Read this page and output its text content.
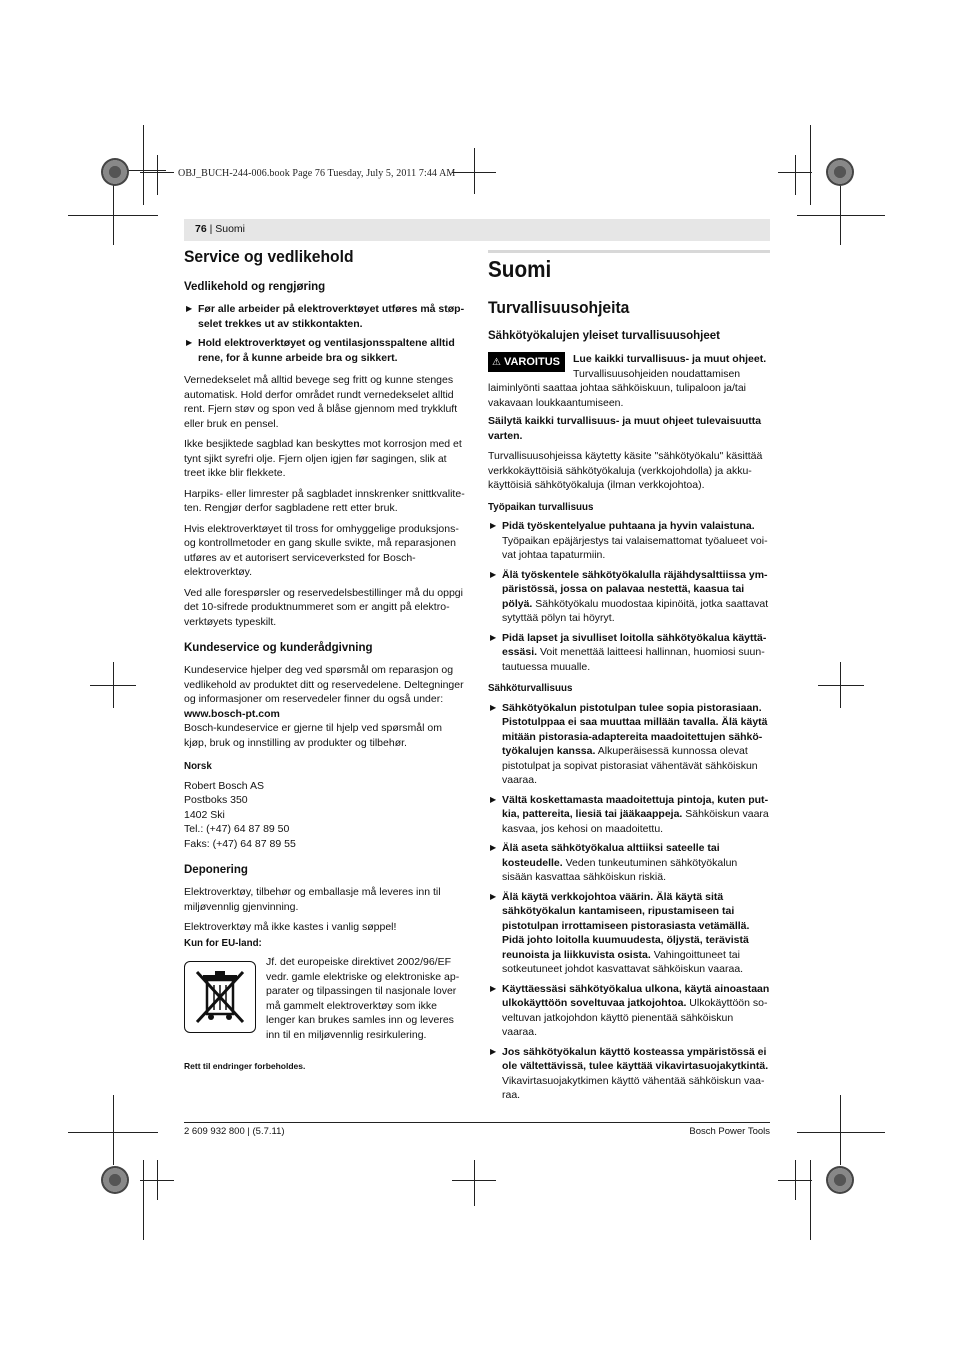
OBJ_BUCH-244-006.book Page 76 Tuesday, July 5, 2011 7:44 AM
76 | Suomi
Service og vedlikehold
Vedlikehold og rengjøring
▶ Før alle arbeider på elektroverktøyet utføres må støpselet trekkes ut av stikkontakten.
▶ Hold elektroverktøyet og ventilasjonsspaltene alltid rene, for å kunne arbeide bra og sikkert.

Vernedekselet må alltid bevege seg fritt og kunne stenges automatisk. Hold derfor området rundt vernedekselet alltid rent. Fjern støv og spon ved å blåse gjennom med trykkluft eller bruk en pensel.

Ikke besjiktede sagblad kan beskyttes mot korrosjon med et tynt sjikt syrefri olje. Fjern oljen igjen før sagingen, slik at treet ikke blir flekkete.

Harpiks- eller limrester på sagbladet innskrenker snittkvaliteten. Rengjør derfor sagbladene rett etter bruk.

Hvis elektroverktøyet til tross for omhyggelige produksjons- og kontrollmetoder en gang skulle svikte, må reparasjonen utføres av et autorisert serviceverksted for Bosch-elektroverktøy.

Ved alle forespørsler og reservedelsbestillinger må du oppgi det 10-sifrede produktnummeret som er angitt på elektroverktøyets typeskilt.

Kundeservice og kunderådgivning

Kundeservice hjelper deg ved spørsmål om reparasjon og vedlikehold av produktet ditt og reservedelene. Deltegninger og informasjoner om reservedeler finner du også under:

www.bosch-pt.com

Bosch-kundeservice er gjerne til hjelp ved spørsmål om kjøp, bruk og innstilling av produkter og tilbehør.

Norsk

Robert Bosch AS

Postboks 350

1402 Ski

Tel.: (+47) 64 87 89 50

Faks: (+47) 64 87 89 55

Deponering

Elektroverktøy, tilbehør og emballasje må leveres inn til miljøvennlig gjenvinning.

Elektroverktøy må ikke kastes i vanlig søppel!

Kun for EU-land:
Jf. det europeiske direktivet 2002/96/EF vedr. gamle elektriske og elektroniske apparater og tilpassingen til nasjonale lover må gammelt elektroverktøy som ikke lenger kan brukes samles inn og leveres inn til en miljøvennlig resirkulering.
Rett til endringer forbeholdes.
Suomi
Turvallisuusohjeita
Sähkötyökalujen yleiset turvallisuusohjeet
⚠ VAROITUS	Lue kaikki turvallisuus- ja muut ohjeet. Turvallisuusohjeiden noudattamisen laiminlyönti saattaa johtaa sähköiskuun, tulipaloon ja/tai vakavaan loukkaantumiseen.

Säilytä kaikki turvallisuus- ja muut ohjeet tulevaisuutta varten.

Turvallisuusohjeissa käytetty käsite "sähkötyökalu" käsittää verkkokäyttöisiä sähkötyökaluja (verkkojohdolla) ja akkukäyttöisiä sähkötyökaluja (ilman verkkojohtoa).

Työpaikan turvallisuus
▶ Pidä työskentelyalue puhtaana ja hyvin valaistuna. Työpaikan epäjärjestys tai valaisemattomat työalueet voivat johtaa tapaturmiin.
▶ Älä työskentele sähkötyökalulla räjähdysalttiissa ympäristössä, jossa on palavaa nestettä, kaasua tai pölyä. Sähkötyökalu muodostaa kipinöitä, jotka saattavat sytyttää pölyn tai höyryt.
▶ Pidä lapset ja sivulliset loitolla sähkötyökalua käyttäessäsi. Voit menettää laitteesi hallinnan, huomiosi suuntautuessa muualle.
Sähköturvallisuus
▶ Sähkötyökalun pistotulpan tulee sopia pistorasiaan. Pistotulppaa ei saa muuttaa millään tavalla. Älä käytä mitään pistorasia-adaptereita maadoitettujen sähkötyökalujen kanssa. Alkuperäisessä kunnossa olevat pistotulpat ja sopivat pistorasiat vähentävät sähköiskun vaaraa.
▶ Vältä koskettamasta maadoitettuja pintoja, kuten putkia, pattereita, liesiä tai jääkaappeja. Sähköiskun vaara kasvaa, jos kehosi on maadoitettu.
▶ Älä aseta sähkötyökalua alttiiksi sateelle tai kosteudelle. Veden tunkeutuminen sähkötyökalun sisään kasvattaa sähköiskun riskiä.
▶ Älä käytä verkkojohtoa väärin. Älä käytä sitä sähkötyökalun kantamiseen, ripustamiseen tai pistotulpan irrottamiseen pistorasiasta vetämällä. Pidä johto loitolla kuumuudesta, öljystä, terävistä reunoista ja liikkuvista osista. Vahingoittuneet tai sotkeutuneet johdot kasvattavat sähköiskun vaaraa.
▶ Käyttäessäsi sähkötyökalua ulkona, käytä ainoastaan ulkokäyttöön soveltuvaa jatkojohtoa. Ulkokäyttöön soveltuvan jatkojohdon käyttö pienentää sähköiskun vaaraa.
▶ Jos sähkötyökalun käyttö kosteassa ympäristössä ei ole vältettävissä, tulee käyttää vikavirtasuojakytkintä. Vikavirtasuojakytkimen käyttö vähentää sähköiskun vaaraa.
2 609 932 800 | (5.7.11)	Bosch Power Tools
